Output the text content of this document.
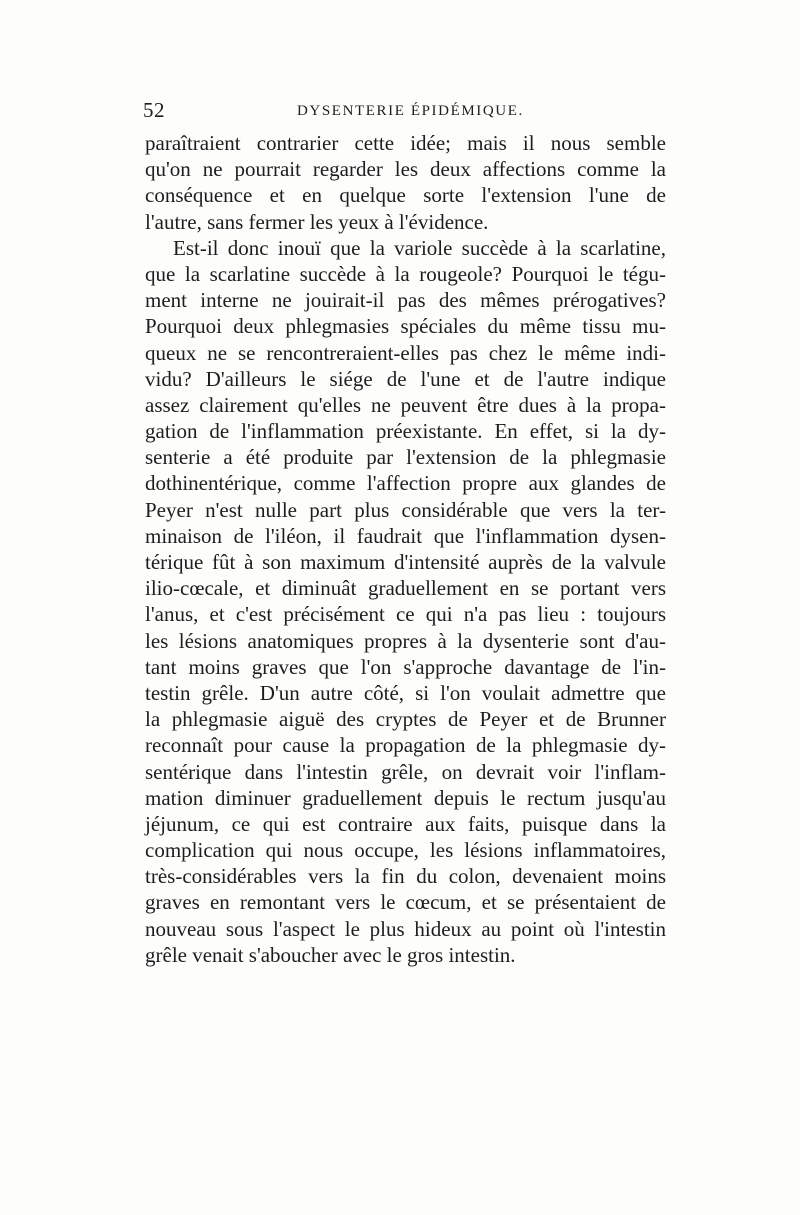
52	DYSENTERIE ÉPIDÉMIQUE.
paraîtraient contrarier cette idée; mais il nous semble
qu'on ne pourrait regarder les deux affections comme la
conséquence et en quelque sorte l'extension l'une de
l'autre, sans fermer les yeux à l'évidence.
Est-il donc inouï que la variole succède à la scarlatine,
que la scarlatine succède à la rougeole? Pourquoi le tégu-
ment interne ne jouirait-il pas des mêmes prérogatives?
Pourquoi deux phlegmasies spéciales du même tissu mu-
queux ne se rencontreraient-elles pas chez le même indi-
vidu? D'ailleurs le siége de l'une et de l'autre indique
assez clairement qu'elles ne peuvent être dues à la propa-
gation de l'inflammation préexistante. En effet, si la dy-
senterie a été produite par l'extension de la phlegmasie
dothinentérique, comme l'affection propre aux glandes de
Peyer n'est nulle part plus considérable que vers la ter-
minaison de l'iléon, il faudrait que l'inflammation dysen-
térique fût à son maximum d'intensité auprès de la valvule
ilio-cœcale, et diminuât graduellement en se portant vers
l'anus, et c'est précisément ce qui n'a pas lieu : toujours
les lésions anatomiques propres à la dysenterie sont d'au-
tant moins graves que l'on s'approche davantage de l'in-
testin grêle. D'un autre côté, si l'on voulait admettre que
la phlegmasie aiguë des cryptes de Peyer et de Brunner
reconnaît pour cause la propagation de la phlegmasie dy-
sentérique dans l'intestin grêle, on devrait voir l'inflam-
mation diminuer graduellement depuis le rectum jusqu'au
jéjunum, ce qui est contraire aux faits, puisque dans la
complication qui nous occupe, les lésions inflammatoires,
très-considérables vers la fin du colon, devenaient moins
graves en remontant vers le cœcum, et se présentaient de
nouveau sous l'aspect le plus hideux au point où l'intestin
grêle venait s'aboucher avec le gros intestin.
